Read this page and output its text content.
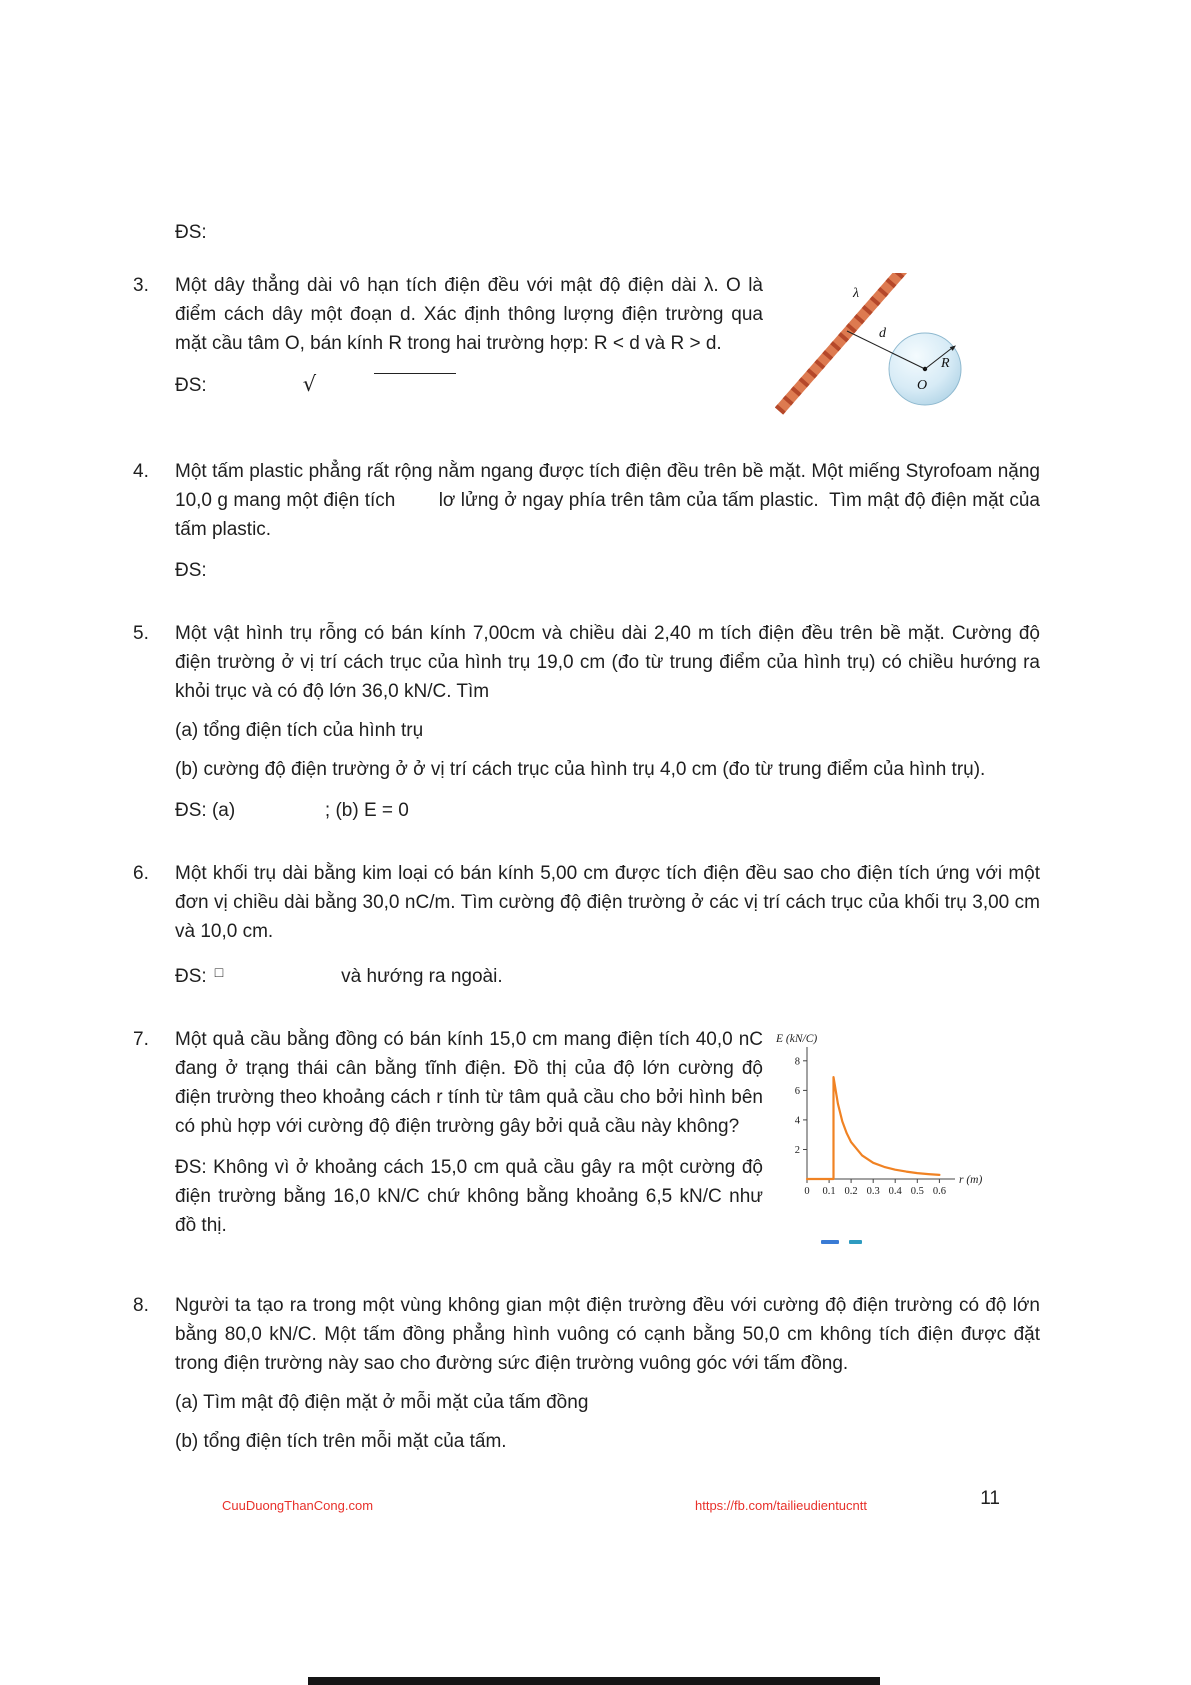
ĐS:

3.	λ
d
R
O

Một dây thẳng dài vô hạn tích điện đều với mật độ điện dài λ. O là điểm cách dây một đoạn d. Xác định thông lượng điện trường qua mặt cầu tâm O, bán kính R trong hai trường hợp: R < d và R > d.

ĐS:	√

4.	Một tấm plastic phẳng rất rộng nằm ngang được tích điện đều trên bề mặt. Một miếng Styrofoam nặng 10,0 g mang một điện tích        lơ lửng ở ngay phía trên tâm của tấm plastic.  Tìm mật độ điện mặt của tấm plastic.

ĐS:

5.	Một vật hình trụ rỗng có bán kính 7,00cm và chiều dài 2,40 m tích điện đều trên bề mặt. Cường độ điện trường ở vị trí cách trục của hình trụ 19,0 cm (đo từ trung điểm của hình trụ) có chiều hướng ra khỏi trục và có độ lớn 36,0 kN/C. Tìm

(a) tổng điện tích của hình trụ

(b) cường độ điện trường ở ở vị trí cách trục của hình trụ 4,0 cm (đo từ trung điểm của hình trụ).

ĐS: (a)                 ; (b) E = 0

6.	Một khối trụ dài bằng kim loại có bán kính 5,00 cm được tích điện đều sao cho điện tích ứng với một đơn vị chiều dài bằng 30,0 nC/m. Tìm cường độ điện trường ở các vị trí cách trục của khối trụ 3,00 cm và 10,0 cm.

ĐS: □	và hướng ra ngoài.

7.	E (kN/C)
2
4
6
8
0 0.1 0.2 0.3 0.4 0.5 0.6
r (m)

Một quả cầu bằng đồng có bán kính 15,0 cm mang điện tích 40,0 nC đang ở trạng thái cân bằng tĩnh điện. Đồ thị của độ lớn cường độ điện trường theo khoảng cách r tính từ tâm quả cầu cho bởi hình bên có phù hợp với cường độ điện trường gây bởi quả cầu này không?

ĐS: Không vì ở khoảng cách 15,0 cm quả cầu gây ra một cường độ điện trường bằng 16,0 kN/C chứ không bằng khoảng 6,5 kN/C như đồ thị.

8.	Người ta tạo ra trong một vùng không gian một điện trường đều với cường độ điện trường có độ lớn bằng 80,0 kN/C. Một tấm đồng phẳng hình vuông có cạnh bằng 50,0 cm không tích điện được đặt trong điện trường này sao cho đường sức điện trường vuông góc với tấm đồng.

(a) Tìm mật độ điện mặt ở mỗi mặt của tấm đồng

(b) tổng điện tích trên mỗi mặt của tấm.

11

CuuDuongThanCong.com	https://fb.com/tailieudientucntt
